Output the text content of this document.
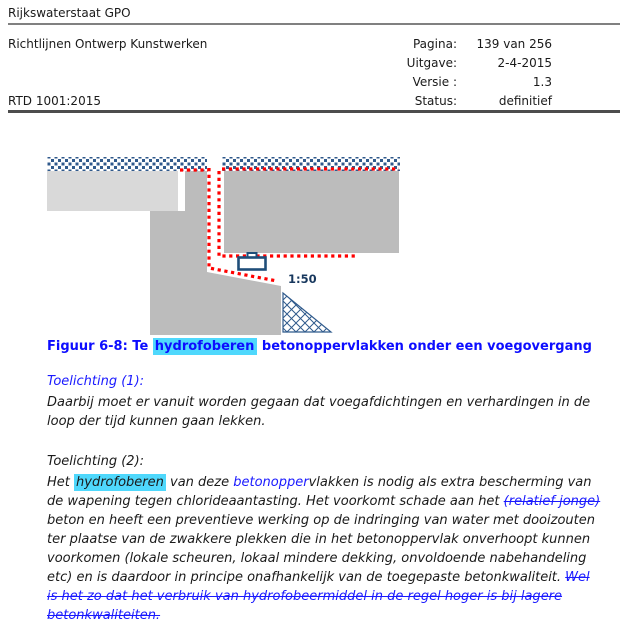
Rijkswaterstaat GPO
Richtlijnen Ontwerp Kunstwerken
RTD 1001:2015
Pagina: 139 van 256
Uitgave:	2-4-2015
Versie :	1.3
Status:	definitief
1:50
Figuur 6-8: Te hydrofoberen betonoppervlakken onder een voegovergang
Toelichting (1):
Daarbij moet er vanuit worden gegaan dat voegafdichtingen en verhardingen in de loop der tijd kunnen gaan lekken.
Toelichting (2):
Het hydrofoberen van deze betonoppervlakken is nodig als extra bescherming van de wapening tegen chlorideaantasting. Het voorkomt schade aan het (relatief jonge) beton en heeft een preventieve werking op de indringing van water met dooizouten ter plaatse van de zwakkere plekken die in het betonoppervlak onverhoopt kunnen voorkomen (lokale scheuren, lokaal mindere dekking, onvoldoende nabehandeling etc) en is daardoor in principe onafhankelijk van de toegepaste betonkwaliteit. Wel is het zo dat het verbruik van hydrofobeermiddel in de regel hoger is bij lagere betonkwaliteiten.
